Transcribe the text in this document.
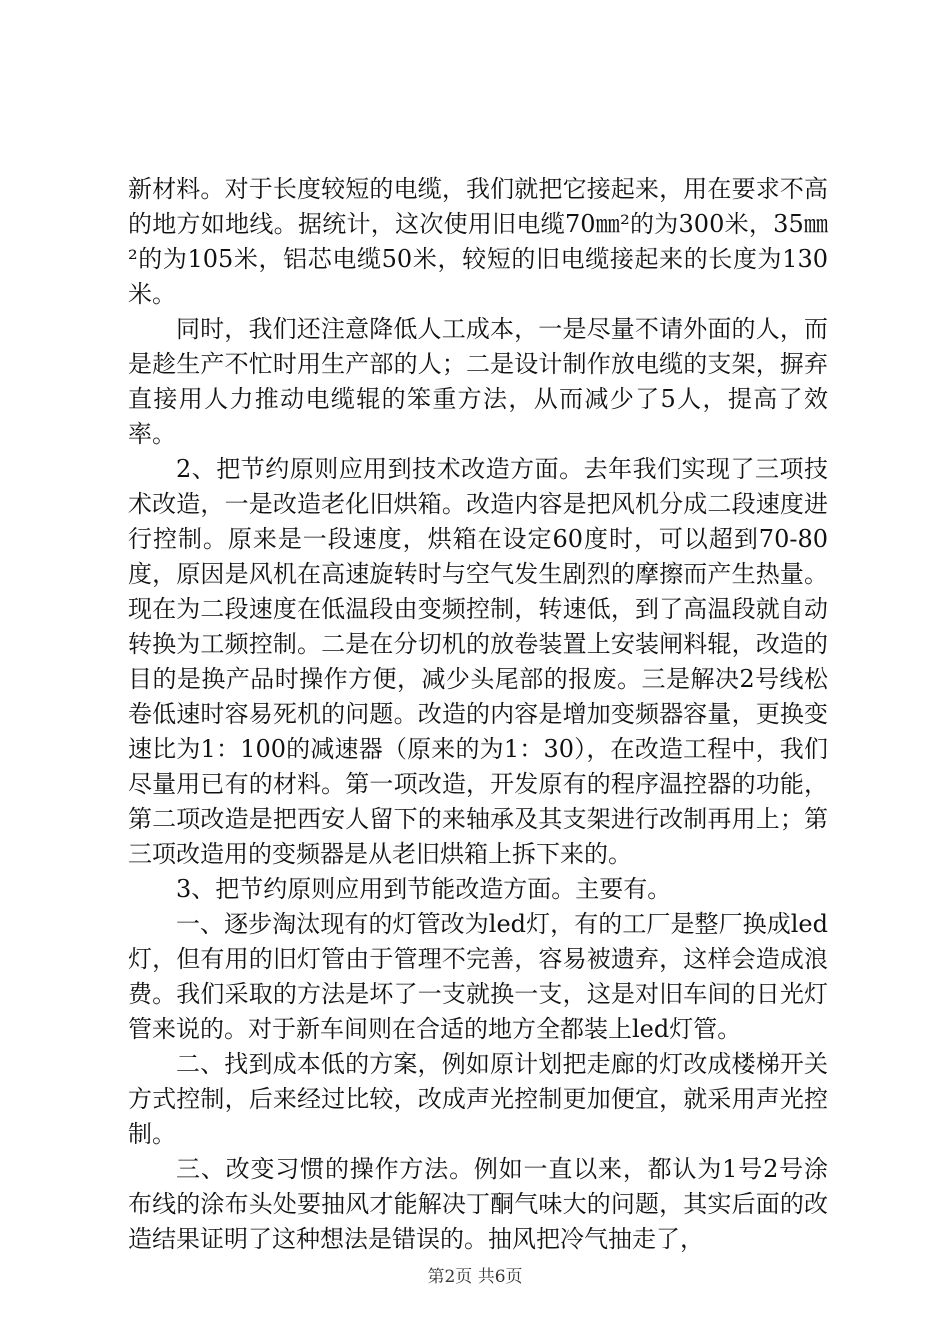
新材料。对于长度较短的电缆，我们就把它接起来，用在要求不高的地方如地线。据统计，这次使用旧电缆70㎜²的为300米，35㎜²的为105米，铝芯电缆50米，较短的旧电缆接起来的长度为130米。

同时，我们还注意降低人工成本，一是尽量不请外面的人，而是趁生产不忙时用生产部的人；二是设计制作放电缆的支架，摒弃直接用人力推动电缆辊的笨重方法，从而减少了5人，提高了效率。

2、把节约原则应用到技术改造方面。去年我们实现了三项技术改造，一是改造老化旧烘箱。改造内容是把风机分成二段速度进行控制。原来是一段速度，烘箱在设定60度时，可以超到70-80度，原因是风机在高速旋转时与空气发生剧烈的摩擦而产生热量。现在为二段速度在低温段由变频控制，转速低，到了高温段就自动转换为工频控制。二是在分切机的放卷装置上安装闸料辊，改造的目的是换产品时操作方便，减少头尾部的报废。三是解决2号线松卷低速时容易死机的问题。改造的内容是增加变频器容量，更换变速比为1：100的减速器（原来的为1：30），在改造工程中，我们尽量用已有的材料。第一项改造，开发原有的程序温控器的功能，第二项改造是把西安人留下的来轴承及其支架进行改制再用上；第三项改造用的变频器是从老旧烘箱上拆下来的。

3、把节约原则应用到节能改造方面。主要有。

一、逐步淘汰现有的灯管改为led灯，有的工厂是整厂换成led灯，但有用的旧灯管由于管理不完善，容易被遗弃，这样会造成浪费。我们采取的方法是坏了一支就换一支，这是对旧车间的日光灯管来说的。对于新车间则在合适的地方全都装上led灯管。

二、找到成本低的方案，例如原计划把走廊的灯改成楼梯开关方式控制，后来经过比较，改成声光控制更加便宜，就采用声光控制。

三、改变习惯的操作方法。例如一直以来，都认为1号2号涂布线的涂布头处要抽风才能解决丁酮气味大的问题，其实后面的改造结果证明了这种想法是错误的。抽风把冷气抽走了，

第2页 共6页
